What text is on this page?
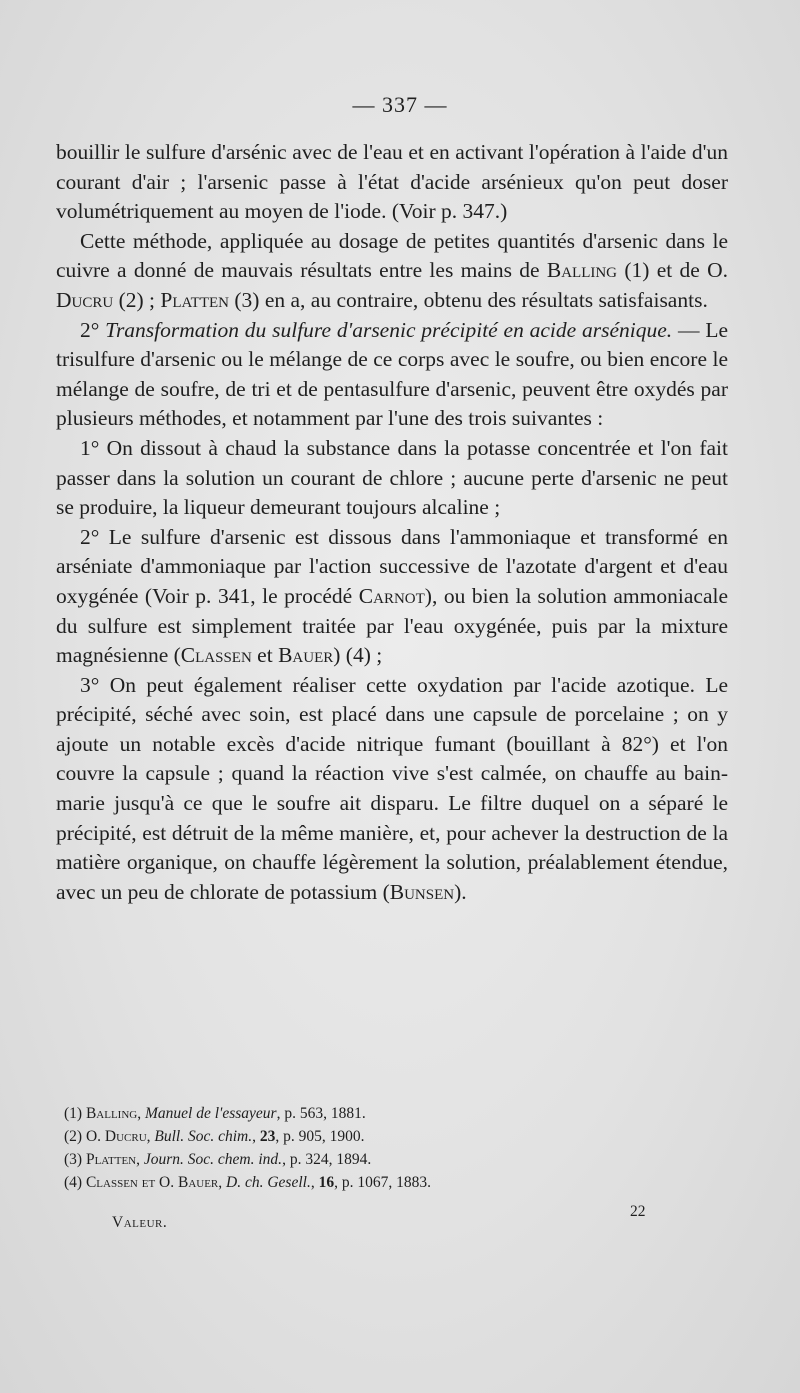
— 337 —

bouillir le sulfure d'arsénic avec de l'eau et en activant l'opération à l'aide d'un courant d'air ; l'arsenic passe à l'état d'acide arsénieux qu'on peut doser volumétriquement au moyen de l'iode. (Voir p. 347.)

Cette méthode, appliquée au dosage de petites quantités d'arsenic dans le cuivre a donné de mauvais résultats entre les mains de Balling (1) et de O. Ducru (2) ; Platten (3) en a, au contraire, obtenu des résultats satisfaisants.

2° Transformation du sulfure d'arsenic précipité en acide arsénique. — Le trisulfure d'arsenic ou le mélange de ce corps avec le soufre, ou bien encore le mélange de soufre, de tri et de pentasulfure d'arsenic, peuvent être oxydés par plusieurs méthodes, et notamment par l'une des trois suivantes :

1° On dissout à chaud la substance dans la potasse concentrée et l'on fait passer dans la solution un courant de chlore ; aucune perte d'arsenic ne peut se produire, la liqueur demeurant toujours alcaline ;

2° Le sulfure d'arsenic est dissous dans l'ammoniaque et transformé en arséniate d'ammoniaque par l'action successive de l'azotate d'argent et d'eau oxygénée (Voir p. 341, le procédé Carnot), ou bien la solution ammoniacale du sulfure est simplement traitée par l'eau oxygénée, puis par la mixture magnésienne (Classen et Bauer) (4) ;

3° On peut également réaliser cette oxydation par l'acide azotique. Le précipité, séché avec soin, est placé dans une capsule de porcelaine ; on y ajoute un notable excès d'acide nitrique fumant (bouillant à 82°) et l'on couvre la capsule ; quand la réaction vive s'est calmée, on chauffe au bain-marie jusqu'à ce que le soufre ait disparu. Le filtre duquel on a séparé le précipité, est détruit de la même manière, et, pour achever la destruction de la matière organique, on chauffe légèrement la solution, préalablement étendue, avec un peu de chlorate de potassium (Bunsen).

(1) Balling, Manuel de l'essayeur, p. 563, 1881.

(2) O. Ducru, Bull. Soc. chim., 23, p. 905, 1900.

(3) Platten, Journ. Soc. chem. ind., p. 324, 1894.

(4) Classen et O. Bauer, D. ch. Gesell., 16, p. 1067, 1883.

Valeur.
22
